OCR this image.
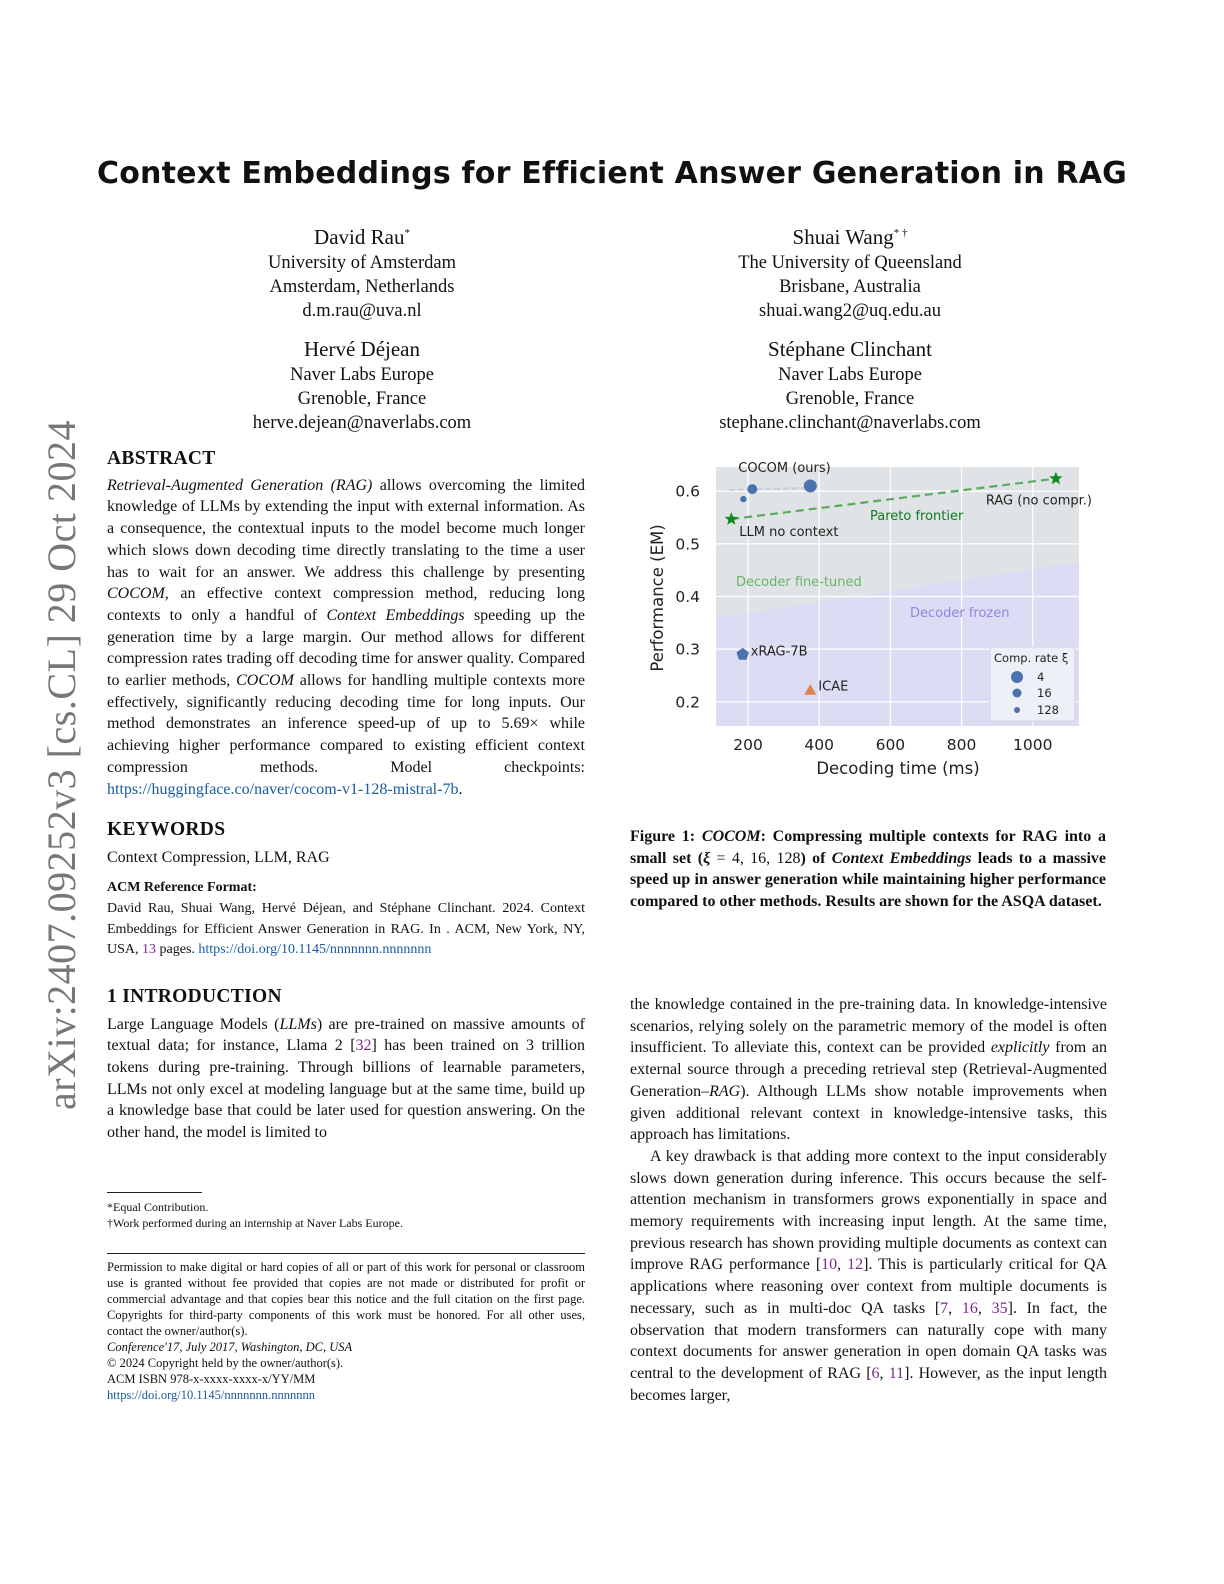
Context Embeddings for Efficient Answer Generation in RAG
David Rau*
University of Amsterdam
Amsterdam, Netherlands
d.m.rau@uva.nl
Shuai Wang* †
The University of Queensland
Brisbane, Australia
shuai.wang2@uq.edu.au
Hervé Déjean
Naver Labs Europe
Grenoble, France
herve.dejean@naverlabs.com
Stéphane Clinchant
Naver Labs Europe
Grenoble, France
stephane.clinchant@naverlabs.com
arXiv:2407.09252v3 [cs.CL] 29 Oct 2024 ABSTRACT
Retrieval-Augmented Generation (RAG) allows overcoming the limited knowledge of LLMs by extending the input with external information. As a consequence, the contextual inputs to the model become much longer which slows down decoding time directly translating to the time a user has to wait for an answer. We address this challenge by presenting COCOM, an effective context compression method, reducing long contexts to only a handful of Context Embeddings speeding up the generation time by a large margin. Our method allows for different compression rates trading off decoding time for answer quality. Compared to earlier methods, COCOM allows for handling multiple contexts more effectively, significantly reducing decoding time for long inputs. Our method demonstrates an inference speed-up of up to 5.69× while achieving higher performance compared to existing efficient context compression methods. Model checkpoints: https://huggingface.co/naver/cocom-v1-128-mistral-7b.
KEYWORDS
Context Compression, LLM, RAG
ACM Reference Format:
David Rau, Shuai Wang, Hervé Déjean, and Stéphane Clinchant. 2024. Context Embeddings for Efficient Answer Generation in RAG. In . ACM, New York, NY, USA, 13 pages. https://doi.org/10.1145/nnnnnnn.nnnnnnn
1 INTRODUCTION
Large Language Models (LLMs) are pre-trained on massive amounts of textual data; for instance, Llama 2 [32] has been trained on 3 trillion tokens during pre-training. Through billions of learnable parameters, LLMs not only excel at modeling language but at the same time, build up a knowledge base that could be later used for question answering. On the other hand, the model is limited to
*Equal Contribution.
†Work performed during an internship at Naver Labs Europe.
Permission to make digital or hard copies of all or part of this work for personal or classroom use is granted without fee provided that copies are not made or distributed for profit or commercial advantage and that copies bear this notice and the full citation on the first page. Copyrights for third-party components of this work must be honored. For all other uses, contact the owner/author(s).
Conference'17, July 2017, Washington, DC, USA
© 2024 Copyright held by the owner/author(s).
ACM ISBN 978-x-xxxx-xxxx-x/YY/MM
https://doi.org/10.1145/nnnnnnn.nnnnnnn
COCOM (ours)
RAG (no compr.)
LLM no context
xRAG-7B
ICAE
200	400	600	800 1000
0.2
0.3
0.4
0.5
0.6
Decoder fine-tuned
Decoder frozen
Pareto frontier
Decoding time (ms)
Performance (EM)	Comp. rate ξ
4
16
128
Figure 1: COCOM: Compressing multiple contexts for RAG into a small set (ξ = 4, 16, 128) of Context Embeddings leads to a massive speed up in answer generation while maintaining higher performance compared to other methods. Results are shown for the ASQA dataset.
the knowledge contained in the pre-training data. In knowledge-intensive scenarios, relying solely on the parametric memory of the model is often insufficient. To alleviate this, context can be provided explicitly from an external source through a preceding retrieval step (Retrieval-Augmented Generation–RAG). Although LLMs show notable improvements when given additional relevant context in knowledge-intensive tasks, this approach has limitations.
A key drawback is that adding more context to the input considerably slows down generation during inference. This occurs because the self-attention mechanism in transformers grows exponentially in space and memory requirements with increasing input length. At the same time, previous research has shown providing multiple documents as context can improve RAG performance [10, 12]. This is particularly critical for QA applications where reasoning over context from multiple documents is necessary, such as in multi-doc QA tasks [7, 16, 35]. In fact, the observation that modern transformers can naturally cope with many context documents for answer generation in open domain QA tasks was central to the development of RAG [6, 11]. However, as the input length becomes larger,
